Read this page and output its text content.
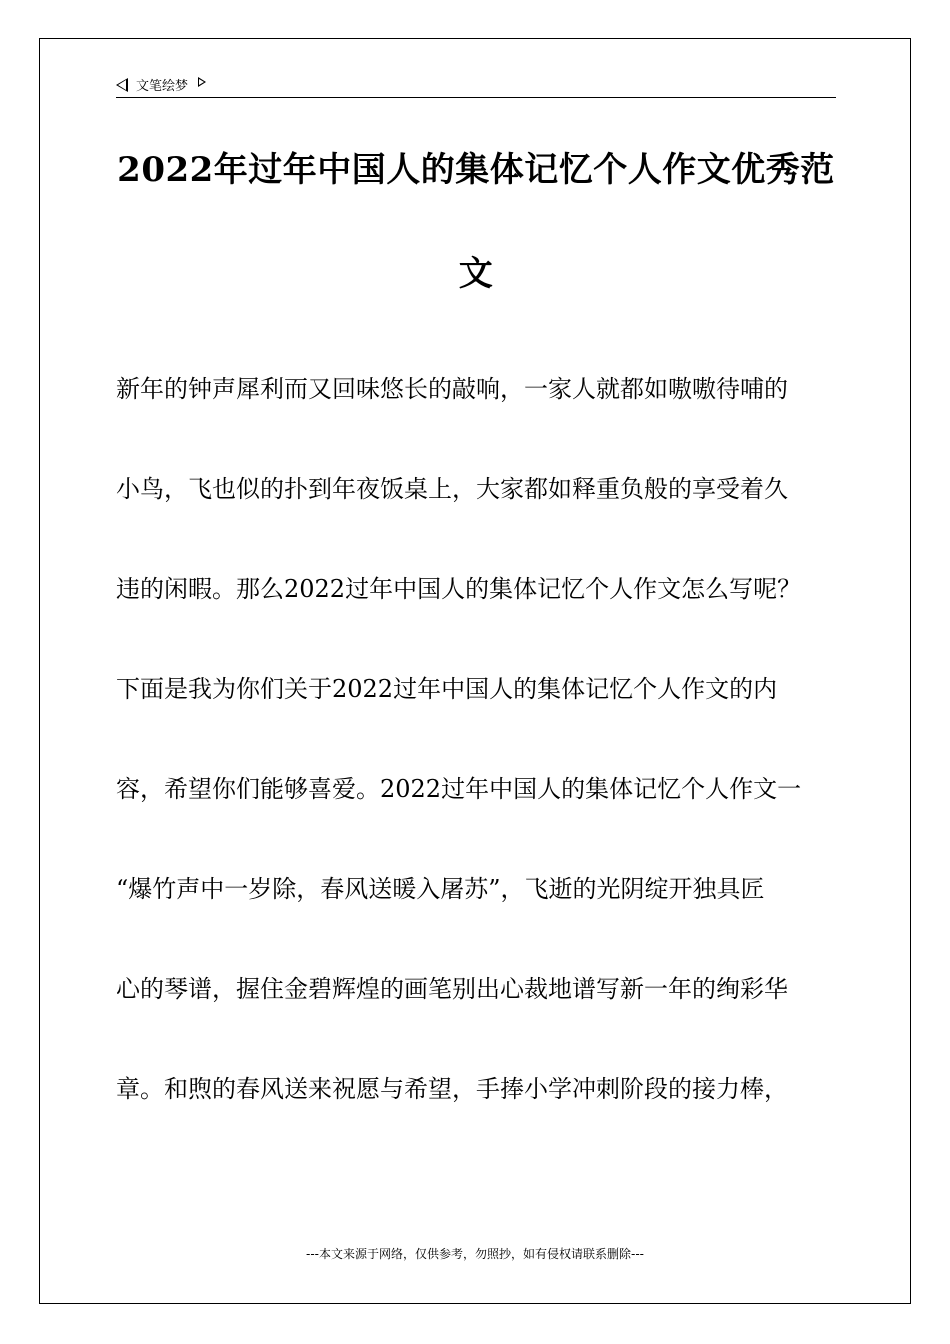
文笔绘梦
2022年过年中国人的集体记忆个人作文优秀范
文
新年的钟声犀利而又回味悠长的敲响，一家人就都如嗷嗷待哺的
小鸟，飞也似的扑到年夜饭桌上，大家都如释重负般的享受着久
违的闲暇。那么2022过年中国人的集体记忆个人作文怎么写呢？
下面是我为你们关于2022过年中国人的集体记忆个人作文的内
容，希望你们能够喜爱。2022过年中国人的集体记忆个人作文一
“爆竹声中一岁除，春风送暖入屠苏”，飞逝的光阴绽开独具匠
心的琴谱，握住金碧辉煌的画笔别出心裁地谱写新一年的绚彩华
章。和煦的春风送来祝愿与希望，手捧小学冲刺阶段的接力棒，
---本文来源于网络，仅供参考，勿照抄，如有侵权请联系删除---
